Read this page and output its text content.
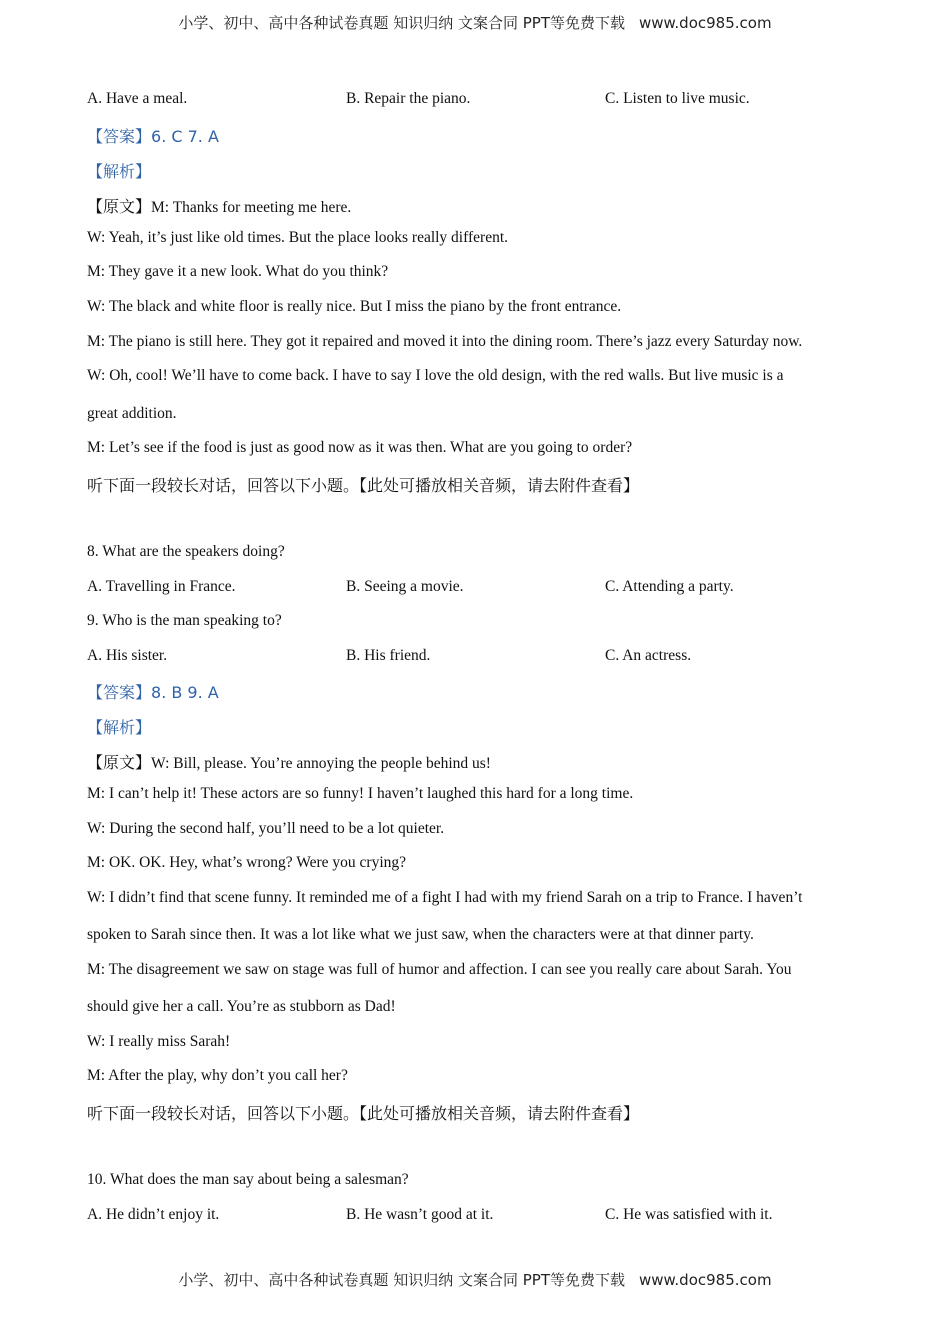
小学、初中、高中各种试卷真题 知识归纳 文案合同 PPT等免费下载 www.doc985.com
A. Have a meal.	B. Repair the piano.	C. Listen to live music.
【答案】6. C 7. A
【解析】
【原文】M: Thanks for meeting me here.
W: Yeah, it’s just like old times. But the place looks really different.
M: They gave it a new look. What do you think?
W: The black and white floor is really nice. But I miss the piano by the front entrance.
M: The piano is still here. They got it repaired and moved it into the dining room. There’s jazz every Saturday now.
W: Oh, cool! We’ll have to come back. I have to say I love the old design, with the red walls. But live music is a
great addition.
M: Let’s see if the food is just as good now as it was then. What are you going to order?
听下面一段较长对话，回答以下小题。【此处可播放相关音频，请去附件查看】
8. What are the speakers doing?
A. Travelling in France.	B. Seeing a movie.	C. Attending a party.
9. Who is the man speaking to?
A. His sister.	B. His friend.	C. An actress.
【答案】8. B 9. A
【解析】
【原文】W: Bill, please. You’re annoying the people behind us!
M: I can’t help it! These actors are so funny! I haven’t laughed this hard for a long time.
W: During the second half, you’ll need to be a lot quieter.
M: OK. OK. Hey, what’s wrong? Were you crying?
W: I didn’t find that scene funny. It reminded me of a fight I had with my friend Sarah on a trip to France. I haven’t
spoken to Sarah since then. It was a lot like what we just saw, when the characters were at that dinner party.
M: The disagreement we saw on stage was full of humor and affection. I can see you really care about Sarah. You
should give her a call. You’re as stubborn as Dad!
W: I really miss Sarah!
M: After the play, why don’t you call her?
听下面一段较长对话，回答以下小题。【此处可播放相关音频，请去附件查看】
10. What does the man say about being a salesman?
A. He didn’t enjoy it.	B. He wasn’t good at it.	C. He was satisfied with it.
小学、初中、高中各种试卷真题 知识归纳 文案合同 PPT等免费下载 www.doc985.com
